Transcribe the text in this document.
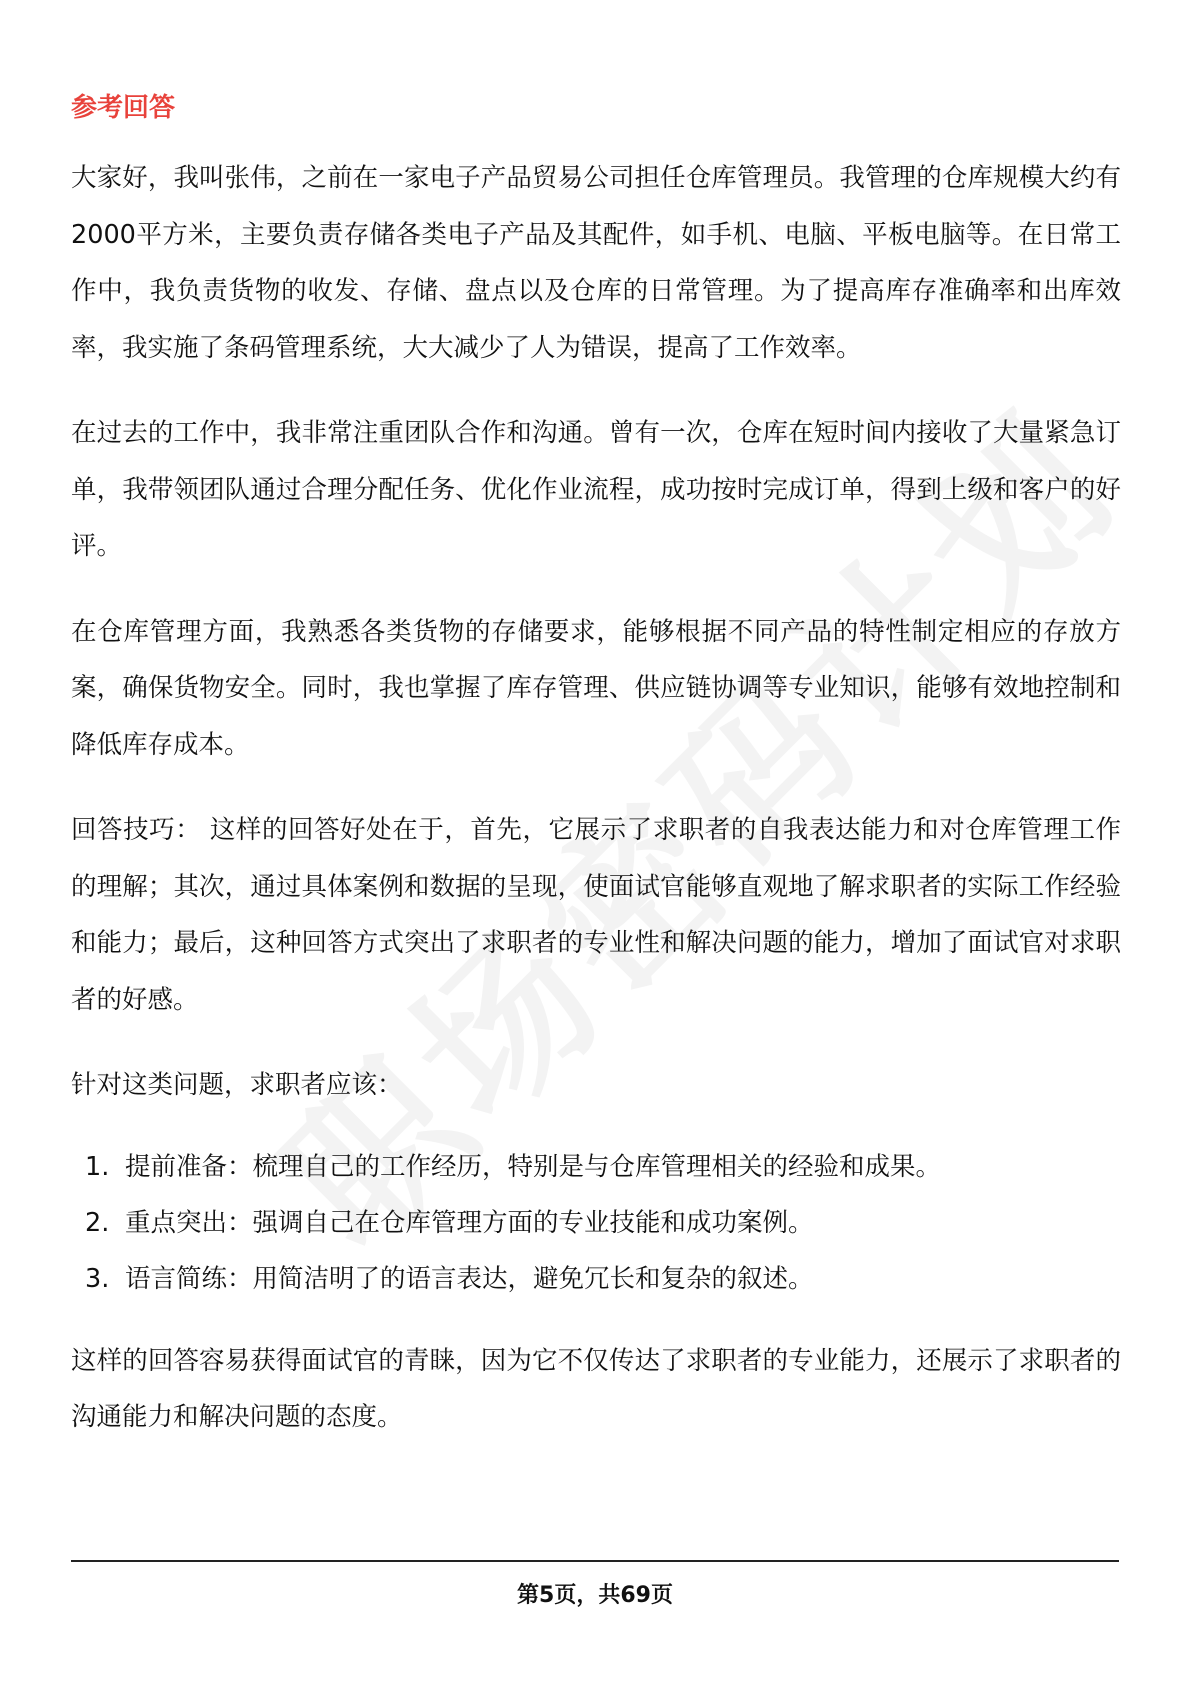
参考回答

大家好，我叫张伟，之前在一家电子产品贸易公司担任仓库管理员。我管理的仓库规模大约有2000平方米，主要负责存储各类电子产品及其配件，如手机、电脑、平板电脑等。在日常工作中，我负责货物的收发、存储、盘点以及仓库的日常管理。为了提高库存准确率和出库效率，我实施了条码管理系统，大大减少了人为错误，提高了工作效率。

在过去的工作中，我非常注重团队合作和沟通。曾有一次，仓库在短时间内接收了大量紧急订单，我带领团队通过合理分配任务、优化作业流程，成功按时完成订单，得到上级和客户的好评。

在仓库管理方面，我熟悉各类货物的存储要求，能够根据不同产品的特性制定相应的存放方案，确保货物安全。同时，我也掌握了库存管理、供应链协调等专业知识，能够有效地控制和降低库存成本。

回答技巧： 这样的回答好处在于，首先，它展示了求职者的自我表达能力和对仓库管理工作的理解；其次，通过具体案例和数据的呈现，使面试官能够直观地了解求职者的实际工作经验和能力；最后，这种回答方式突出了求职者的专业性和解决问题的能力，增加了面试官对求职者的好感。

针对这类问题，求职者应该：

1. 提前准备：梳理自己的工作经历，特别是与仓库管理相关的经验和成果。
2. 重点突出：强调自己在仓库管理方面的专业技能和成功案例。
3. 语言简练：用简洁明了的语言表达，避免冗长和复杂的叙述。

这样的回答容易获得面试官的青睐，因为它不仅传达了求职者的专业能力，还展示了求职者的沟通能力和解决问题的态度。

第5页，共69页
